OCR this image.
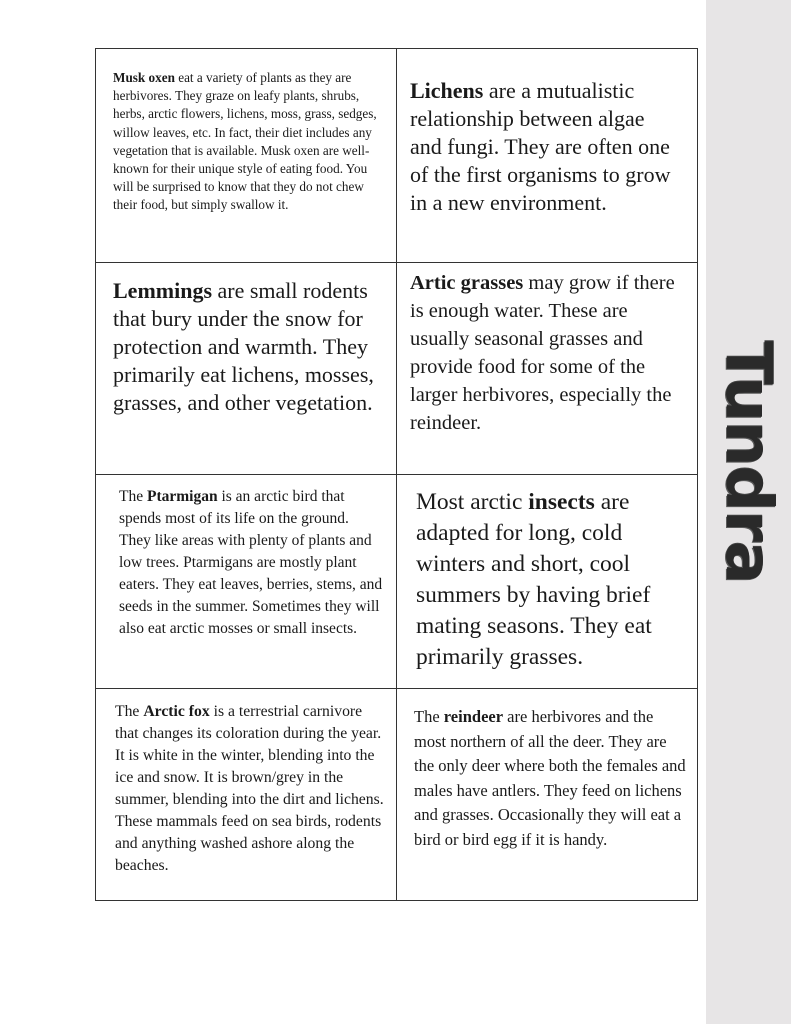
Tundra

Musk oxen eat a variety of plants as they are herbivores. They graze on leafy plants, shrubs, herbs, arctic flowers, lichens, moss, grass, sedges, willow leaves, etc. In fact, their diet includes any vegetation that is available. Musk oxen are well-known for their unique style of eating food. You will be surprised to know that they do not chew their food, but simply swallow it.

Lichens are a mutualistic relationship between algae and fungi. They are often one of the first organisms to grow in a new environment.

Lemmings are small rodents that bury under the snow for protection and warmth. They primarily eat lichens, mosses, grasses, and other vegetation.

Artic grasses may grow if there is enough water. These are usually seasonal grasses and provide food for some of the larger herbivores, especially the reindeer.

The Ptarmigan is an arctic bird that spends most of its life on the ground. They like areas with plenty of plants and low trees. Ptarmigans are mostly plant eaters. They eat leaves, berries, stems, and seeds in the summer. Sometimes they will also eat arctic mosses or small insects.

Most arctic insects are adapted for long, cold winters and short, cool summers by having brief mating seasons. They eat primarily grasses.

The Arctic fox is a terrestrial carnivore that changes its coloration during the year. It is white in the winter, blending into the ice and snow. It is brown/grey in the summer, blending into the dirt and lichens. These mammals feed on sea birds, rodents and anything washed ashore along the beaches.

The reindeer are herbivores and the most northern of all the deer. They are the only deer where both the females and males have antlers. They feed on lichens and grasses. Occasionally they will eat a bird or bird egg if it is handy.
